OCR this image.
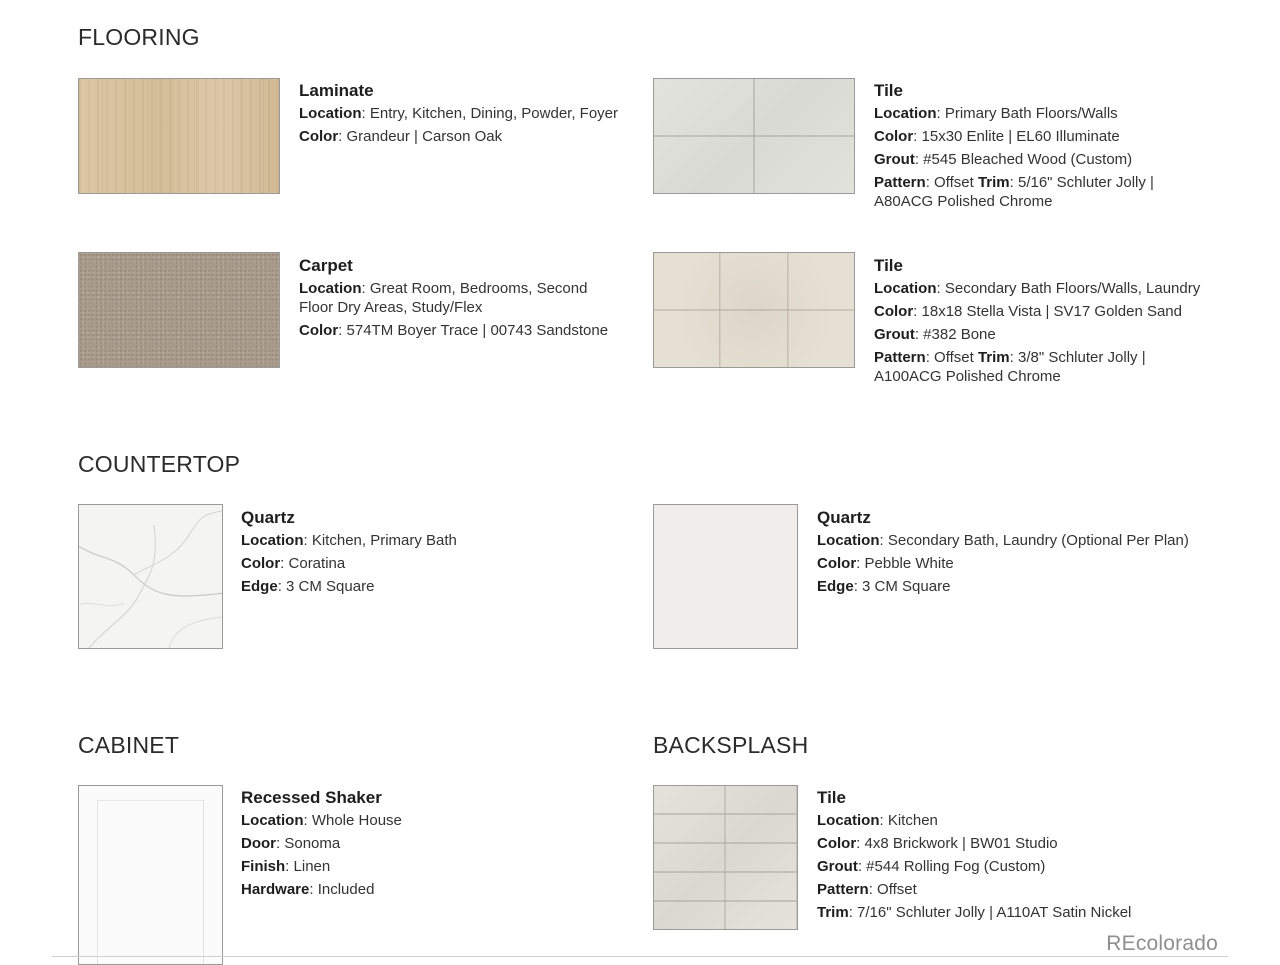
FLOORING
Laminate
Location: Entry, Kitchen, Dining, Powder, Foyer
Color: Grandeur | Carson Oak
Tile
Location: Primary Bath Floors/Walls
Color: 15x30 Enlite | EL60 Illuminate
Grout: #545 Bleached Wood (Custom)
Pattern: Offset Trim: 5/16" Schluter Jolly | A80ACG Polished Chrome
Carpet
Location: Great Room, Bedrooms, Second Floor Dry Areas, Study/Flex
Color: 574TM Boyer Trace | 00743 Sandstone
Tile
Location: Secondary Bath Floors/Walls, Laundry
Color: 18x18 Stella Vista | SV17 Golden Sand
Grout: #382 Bone
Pattern: Offset Trim: 3/8" Schluter Jolly | A100ACG Polished Chrome
COUNTERTOP
Quartz
Location: Kitchen, Primary Bath
Color: Coratina
Edge: 3 CM Square
Quartz
Location: Secondary Bath, Laundry (Optional Per Plan)
Color: Pebble White
Edge: 3 CM Square
CABINET
Recessed Shaker
Location: Whole House
Door: Sonoma
Finish: Linen
Hardware: Included
BACKSPLASH
Tile
Location: Kitchen
Color: 4x8 Brickwork | BW01 Studio
Grout: #544 Rolling Fog (Custom)
Pattern: Offset
Trim: 7/16" Schluter Jolly | A110AT Satin Nickel
REcolorado
